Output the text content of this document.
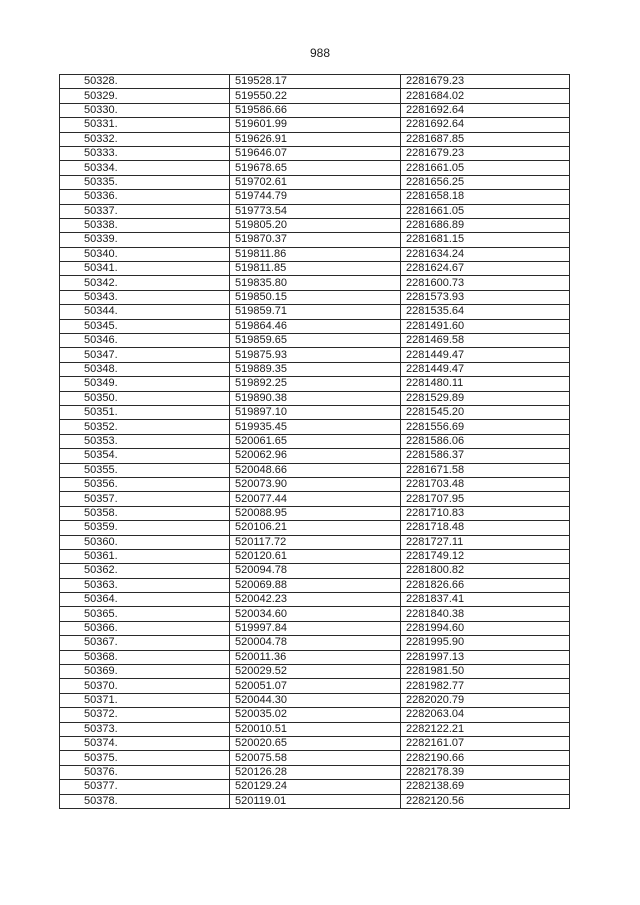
988
50328.	519528.17	2281679.23
50329.	519550.22	2281684.02
50330.	519586.66	2281692.64
50331.	519601.99	2281692.64
50332.	519626.91	2281687.85
50333.	519646.07	2281679.23
50334.	519678.65	2281661.05
50335.	519702.61	2281656.25
50336.	519744.79	2281658.18
50337.	519773.54	2281661.05
50338.	519805.20	2281686.89
50339.	519870.37	2281681.15
50340.	519811.86	2281634.24
50341.	519811.85	2281624.67
50342.	519835.80	2281600.73
50343.	519850.15	2281573.93
50344.	519859.71	2281535.64
50345.	519864.46	2281491.60
50346.	519859.65	2281469.58
50347.	519875.93	2281449.47
50348.	519889.35	2281449.47
50349.	519892.25	2281480.11
50350.	519890.38	2281529.89
50351.	519897.10	2281545.20
50352.	519935.45	2281556.69
50353.	520061.65	2281586.06
50354.	520062.96	2281586.37
50355.	520048.66	2281671.58
50356.	520073.90	2281703.48
50357.	520077.44	2281707.95
50358.	520088.95	2281710.83
50359.	520106.21	2281718.48
50360.	520117.72	2281727.11
50361.	520120.61	2281749.12
50362.	520094.78	2281800.82
50363.	520069.88	2281826.66
50364.	520042.23	2281837.41
50365.	520034.60	2281840.38
50366.	519997.84	2281994.60
50367.	520004.78	2281995.90
50368.	520011.36	2281997.13
50369.	520029.52	2281981.50
50370.	520051.07	2281982.77
50371.	520044.30	2282020.79
50372.	520035.02	2282063.04
50373.	520010.51	2282122.21
50374.	520020.65	2282161.07
50375.	520075.58	2282190.66
50376.	520126.28	2282178.39
50377.	520129.24	2282138.69
50378.	520119.01	2282120.56
